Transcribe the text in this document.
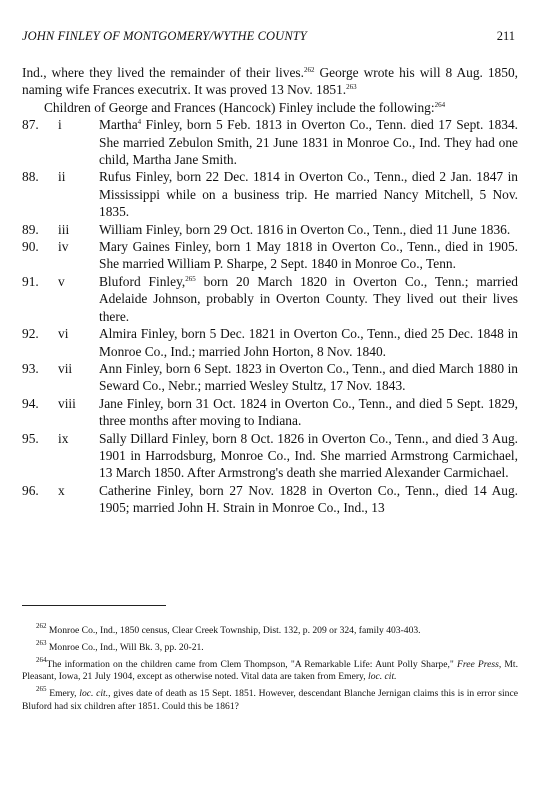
JOHN FINLEY OF MONTGOMERY/WYTHE COUNTY	211

Ind., where they lived the remainder of their lives.$^{262}$ George wrote his will 8 Aug. 1850, naming wife Frances executrix. It was proved 13 Nov. 1851.$^{263}$

Children of George and Frances (Hancock) Finley include the following:$^{264}$

87.	i	Martha$^4$ Finley, born 5 Feb. 1813 in Overton Co., Tenn. died 17 Sept. 1834. She married Zebulon Smith, 21 June 1831 in Monroe Co., Ind. They had one child, Martha Jane Smith.

88.	ii	Rufus Finley, born 22 Dec. 1814 in Overton Co., Tenn., died 2 Jan. 1847 in Mississippi while on a business trip. He married Nancy Mitchell, 5 Nov. 1835.

89.	iii	William Finley, born 29 Oct. 1816 in Overton Co., Tenn., died 11 June 1836.

90.	iv	Mary Gaines Finley, born 1 May 1818 in Overton Co., Tenn., died in 1905. She married William P. Sharpe, 2 Sept. 1840 in Monroe Co., Tenn.

91.	v	Bluford Finley,$^{265}$ born 20 March 1820 in Overton Co., Tenn.; married Adelaide Johnson, probably in Overton County. They lived out their lives there.

92.	vi	Almira Finley, born 5 Dec. 1821 in Overton Co., Tenn., died 25 Dec. 1848 in Monroe Co., Ind.; married John Horton, 8 Nov. 1840.

93.	vii	Ann Finley, born 6 Sept. 1823 in Overton Co., Tenn., and died March 1880 in Seward Co., Nebr.; married Wesley Stultz, 17 Nov. 1843.

94.	viii	Jane Finley, born 31 Oct. 1824 in Overton Co., Tenn., and died 5 Sept. 1829, three months after moving to Indiana.

95.	ix	Sally Dillard Finley, born 8 Oct. 1826 in Overton Co., Tenn., and died 3 Aug. 1901 in Harrodsburg, Monroe Co., Ind. She married Armstrong Carmichael, 13 March 1850. After Armstrong's death she married Alexander Carmichael.

96.	x	Catherine Finley, born 27 Nov. 1828 in Overton Co., Tenn., died 14 Aug. 1905; married John H. Strain in Monroe Co., Ind., 13

$^{262}$ Monroe Co., Ind., 1850 census, Clear Creek Township, Dist. 132, p. 209 or 324, family 403-403.

$^{263}$ Monroe Co., Ind., Will Bk. 3, pp. 20-21.

$^{264}$The information on the children came from Clem Thompson, "A Remarkable Life: Aunt Polly Sharpe," Free Press, Mt. Pleasant, Iowa, 21 July 1904, except as otherwise noted. Vital data are taken from Emery, loc. cit.

$^{265}$ Emery, loc. cit., gives date of death as 15 Sept. 1851. However, descendant Blanche Jernigan claims this is in error since Bluford had six children after 1851. Could this be 1861?
